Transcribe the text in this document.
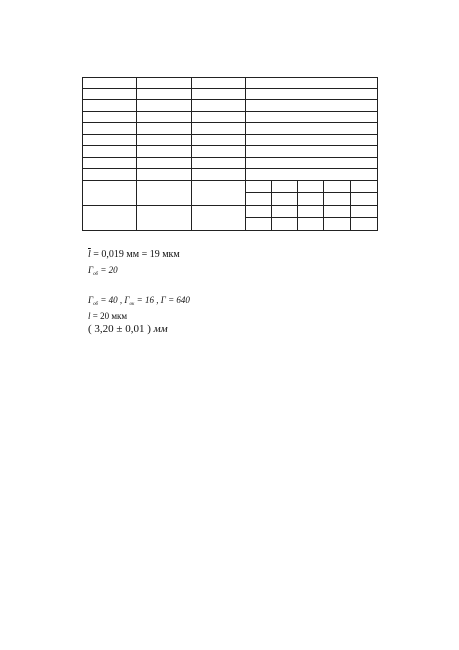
$\overline{l} = 0,019$ мм = 19 мкм
$Г_{об} = 20$
$Г_{об} = 40$ , $Г_{ок} = 16$ , Г = 640
l = 20 мкм
( 3,20 ± 0,01 ) мм
